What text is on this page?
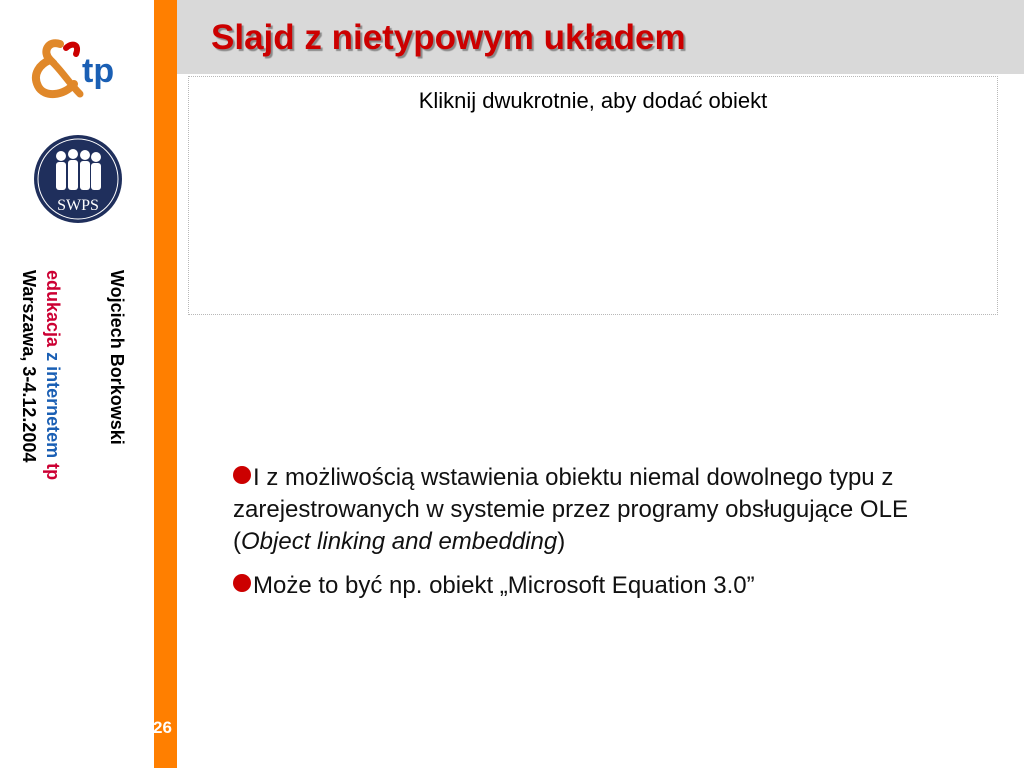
Slajd z nietypowym układem
Kliknij dwukrotnie, aby dodać obiekt
tp
SWPS
Wojciech Borkowski
edukacja z internetem tp
Warszawa, 3-4.12.2004
I z możliwością wstawienia obiektu niemal dowolnego typu z zarejestrowanych w systemie przez programy obsługujące OLE (Object linking and embedding)
Może to być np. obiekt „Microsoft Equation 3.0”
26
